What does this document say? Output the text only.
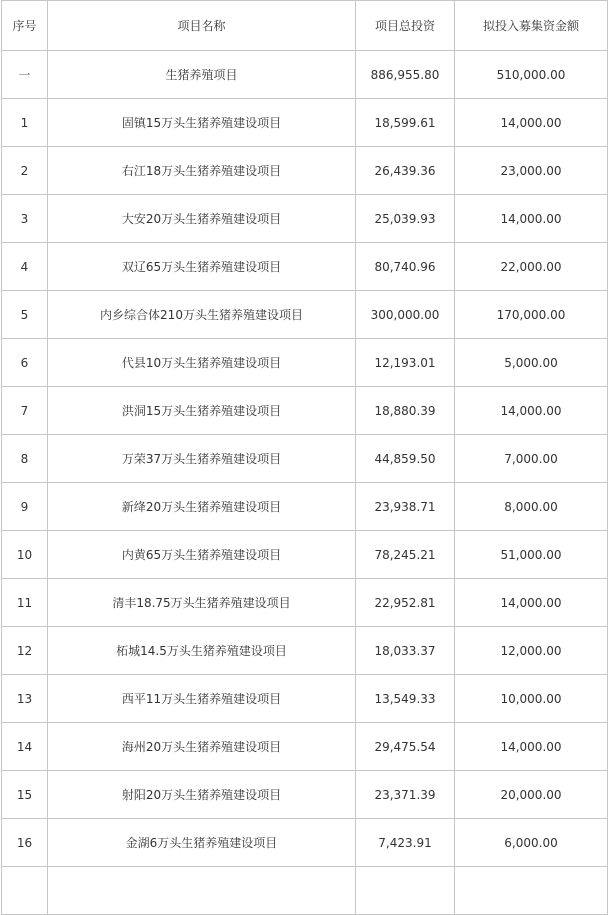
序号	项目名称	项目总投资	拟投入募集资金额
一	生猪养殖项目	886,955.80	510,000.00
1	固镇15万头生猪养殖建设项目	18,599.61	14,000.00
2	右江18万头生猪养殖建设项目	26,439.36	23,000.00
3	大安20万头生猪养殖建设项目	25,039.93	14,000.00
4	双辽65万头生猪养殖建设项目	80,740.96	22,000.00
5	内乡综合体210万头生猪养殖建设项目	300,000.00	170,000.00
6	代县10万头生猪养殖建设项目	12,193.01	5,000.00
7	洪洞15万头生猪养殖建设项目	18,880.39	14,000.00
8	万荣37万头生猪养殖建设项目	44,859.50	7,000.00
9	新绛20万头生猪养殖建设项目	23,938.71	8,000.00
10	内黄65万头生猪养殖建设项目	78,245.21	51,000.00
11	清丰18.75万头生猪养殖建设项目	22,952.81	14,000.00
12	柘城14.5万头生猪养殖建设项目	18,033.37	12,000.00
13	西平11万头生猪养殖建设项目	13,549.33	10,000.00
14	海州20万头生猪养殖建设项目	29,475.54	14,000.00
15	射阳20万头生猪养殖建设项目	23,371.39	20,000.00
16	金湖6万头生猪养殖建设项目	7,423.91	6,000.00
